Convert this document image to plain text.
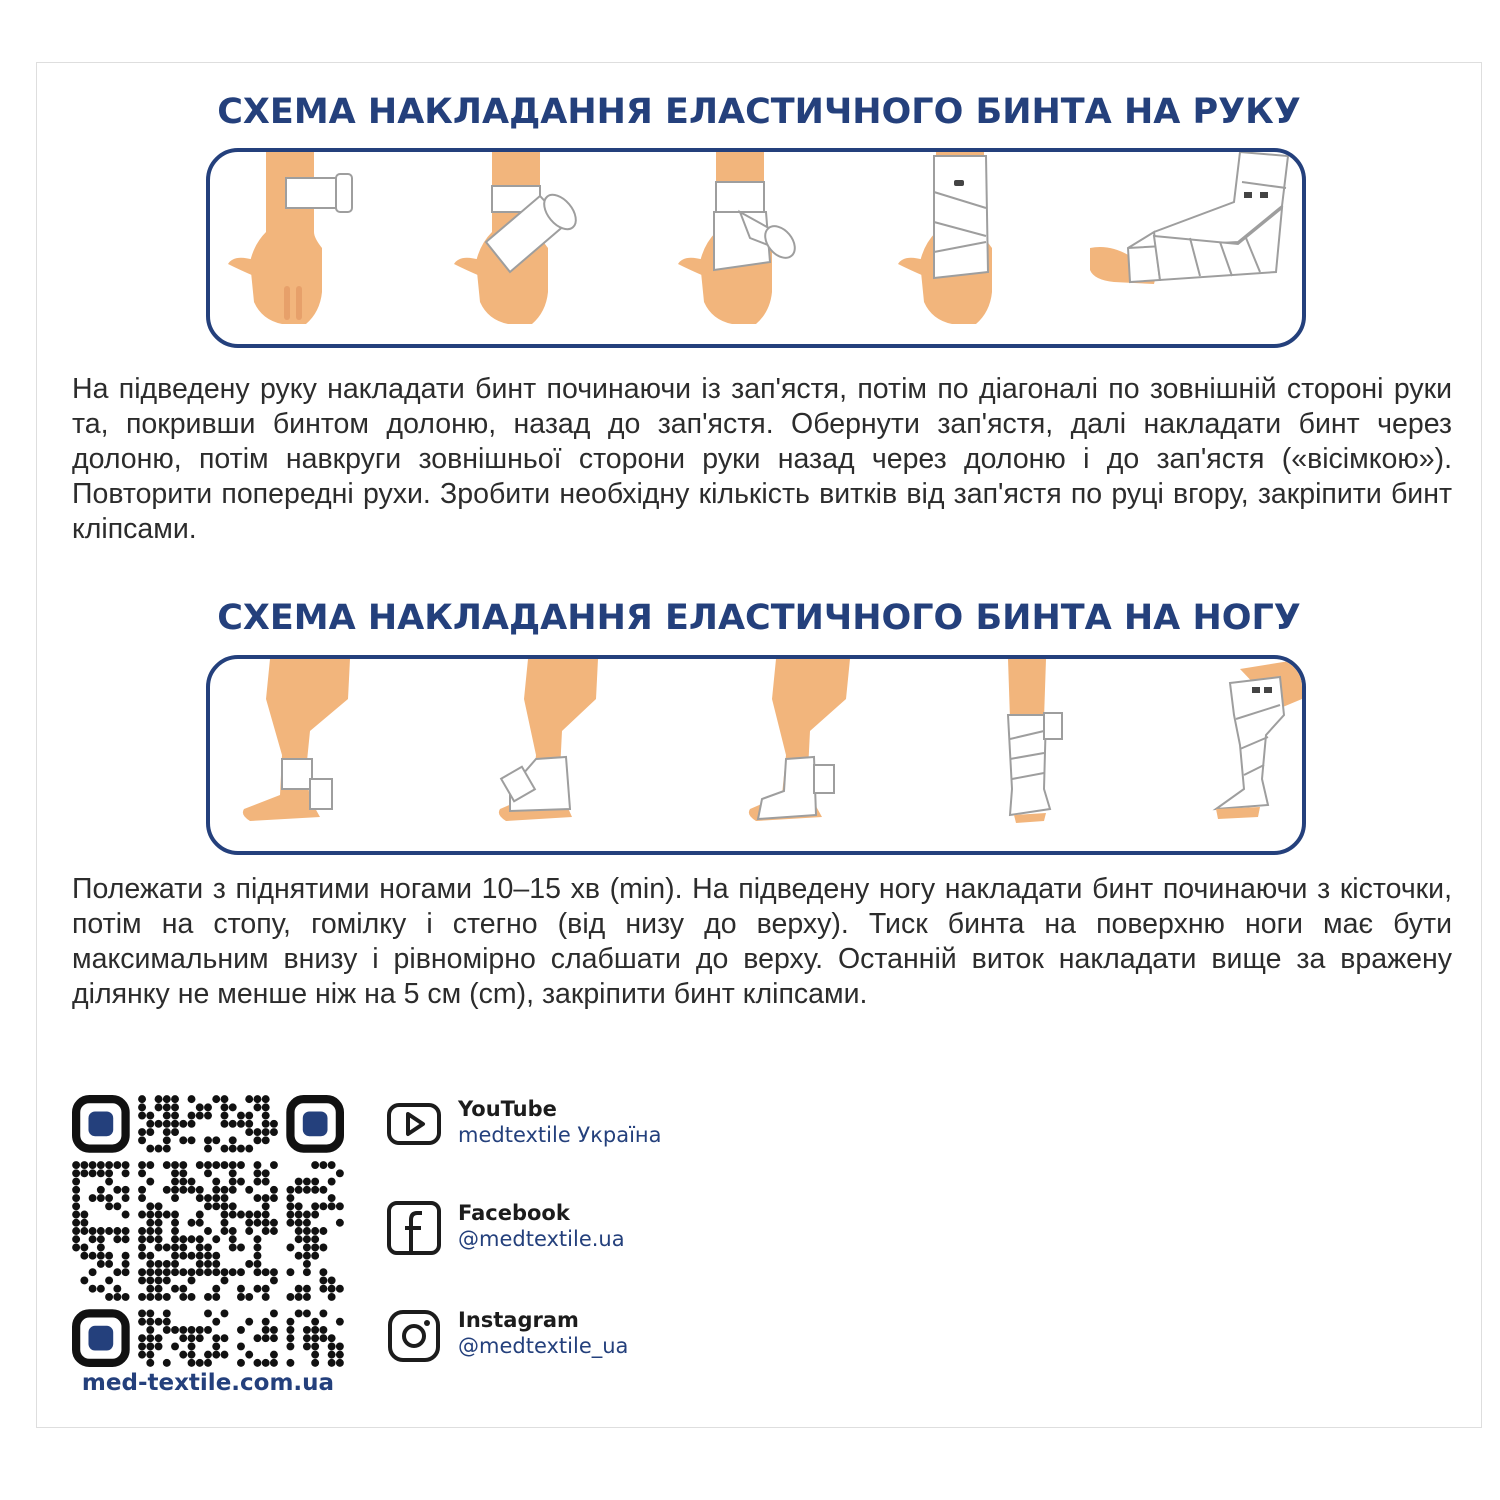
СХЕМА НАКЛАДАННЯ ЕЛАСТИЧНОГО БИНТА НА РУКУ

На підведену руку накладати бинт починаючи із зап'ястя, потім по діагоналі по зовнішній стороні руки та, покривши бинтом долоню, назад до зап'ястя. Обернути зап'ястя, далі накладати бинт через долоню, потім навкруги зовнішньої сторони руки назад через долоню і до зап'ястя («вісімкою»). Повторити попередні рухи. Зробити необхідну кількість витків від зап'ястя по руці вгору, закріпити бинт кліпсами.

СХЕМА НАКЛАДАННЯ ЕЛАСТИЧНОГО БИНТА НА НОГУ

Полежати з піднятими ногами 10–15 хв (min). На підведену ногу накладати бинт починаючи з кісточки, потім на стопу, гомілку і стегно (від низу до верху). Тиск бинта на поверхню ноги має бути максимальним внизу і рівномірно слабшати до верху. Останній виток накладати вище за вражену ділянку не менше ніж на 5 см (cm), закріпити бинт кліпсами.

med-textile.com.ua
YouTube
medtextile Україна
Facebook
@medtextile.ua
Instagram
@medtextile_ua
